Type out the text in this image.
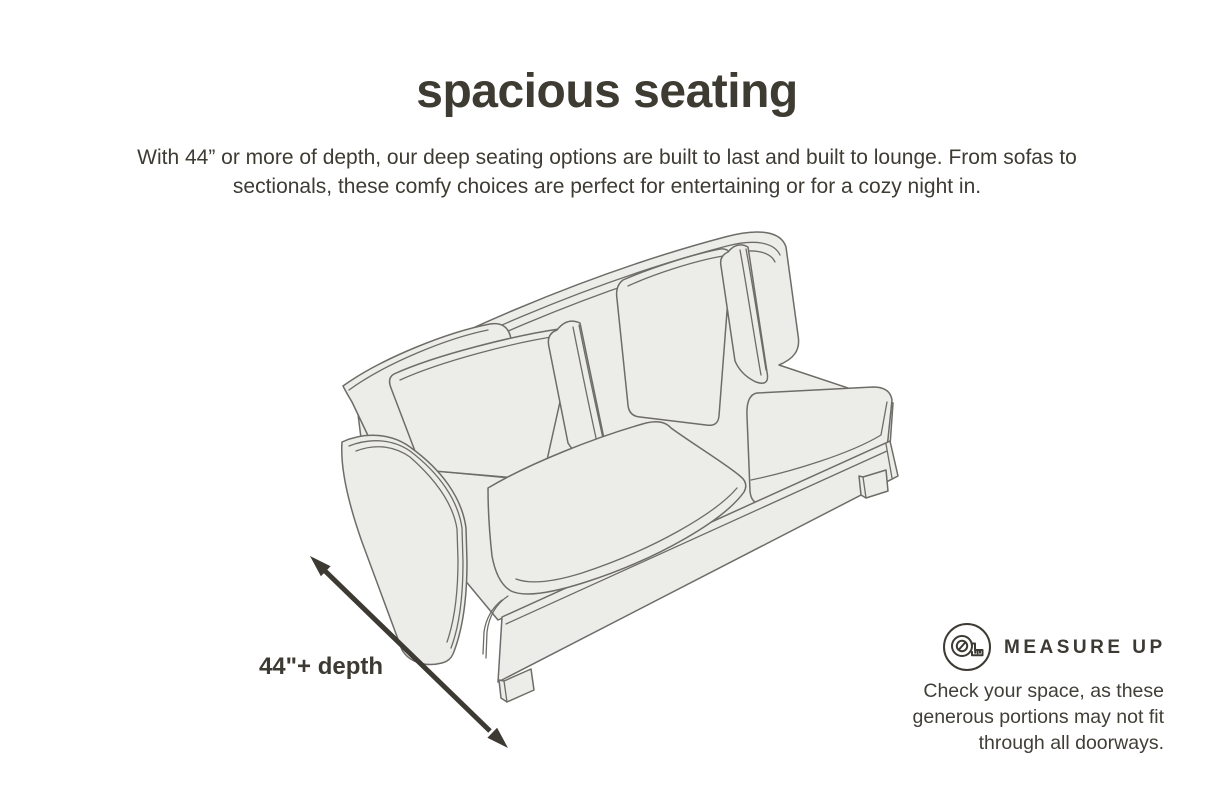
spacious seating
With 44” or more of depth, our deep seating options are built to last and built to lounge. From sofas to sectionals, these comfy choices are perfect for entertaining or for a cozy night in.
44"+ depth
MEASURE UP
Check your space, as these generous portions may not fit through all doorways.
